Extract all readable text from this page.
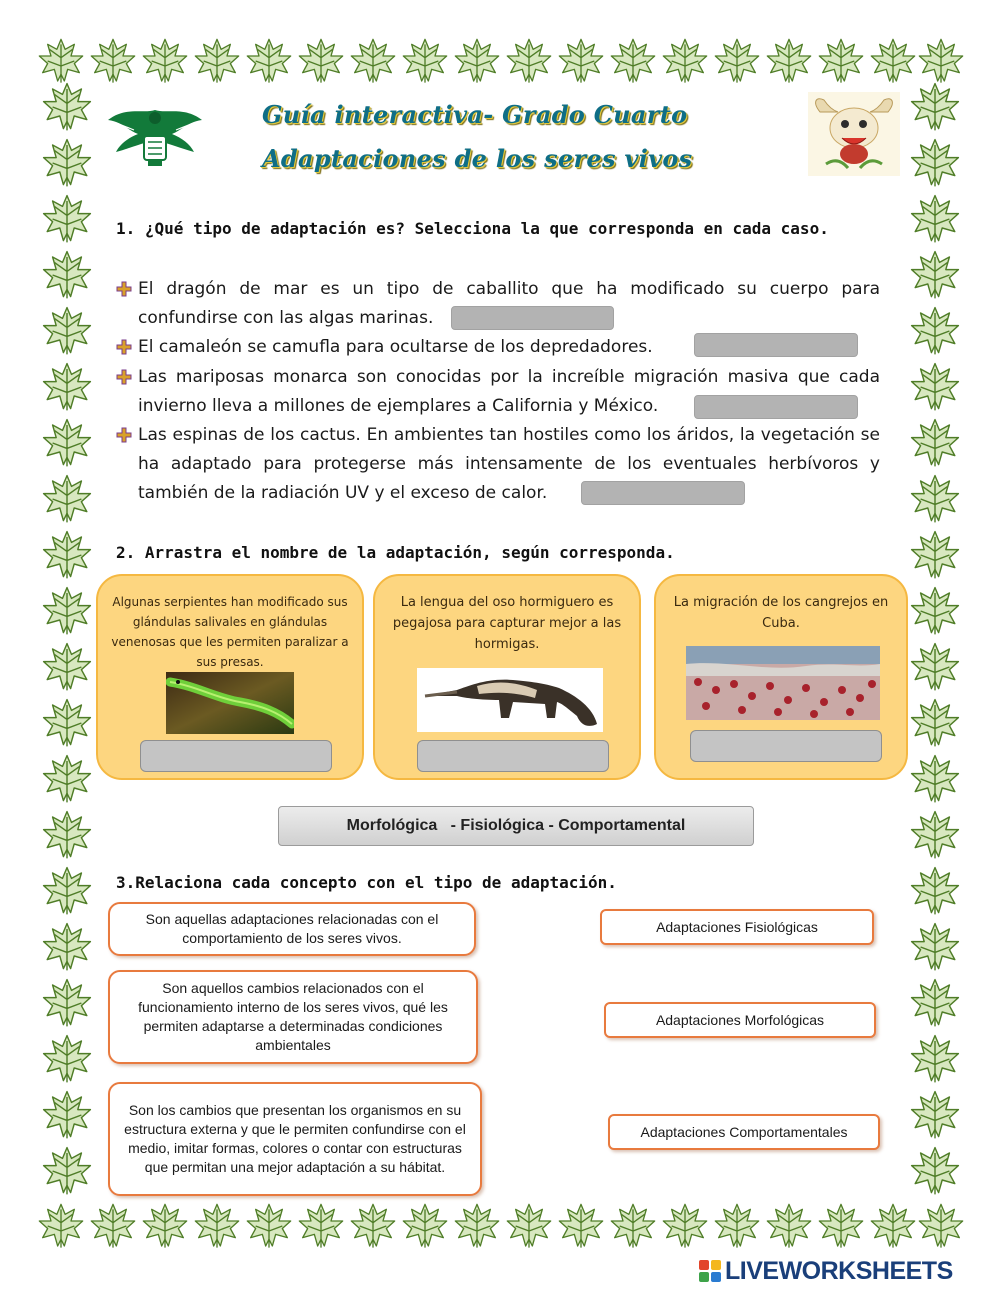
Guía interactiva- Grado Cuarto
Adaptaciones de los seres vivos
1. ¿Qué tipo de adaptación es? Selecciona la que corresponda en cada caso.
El dragón de mar es un tipo de caballito que ha modificado su cuerpo para confundirse con las algas marinas.
El camaleón se camufla para ocultarse de los depredadores.
Las mariposas monarca son conocidas por la increíble migración masiva que cada invierno lleva a millones de ejemplares a California y México.
Las espinas de los cactus. En ambientes tan hostiles como los áridos, la vegetación se ha adaptado para protegerse más intensamente de los eventuales herbívoros y también de la radiación UV y el exceso de calor.
2. Arrastra el nombre de la adaptación, según corresponda.
Algunas serpientes han modificado sus glándulas salivales en glándulas venenosas que les permiten paralizar a sus presas.
La lengua del oso hormiguero es pegajosa para capturar mejor a las hormigas.
La migración de los cangrejos en Cuba.
Morfológica   - Fisiológica - Comportamental
3.Relaciona cada concepto con el tipo de adaptación.
Son aquellas adaptaciones relacionadas con el comportamiento de los seres vivos.
Son aquellos cambios relacionados con el funcionamiento interno de los seres vivos, qué les permiten adaptarse a determinadas condiciones ambientales
Son los cambios que presentan los organismos en su estructura externa y que le permiten confundirse con el medio, imitar formas, colores o contar con estructuras que permitan una mejor adaptación a su hábitat.
Adaptaciones Fisiológicas
Adaptaciones Morfológicas
Adaptaciones Comportamentales
LIVEWORKSHEETS
